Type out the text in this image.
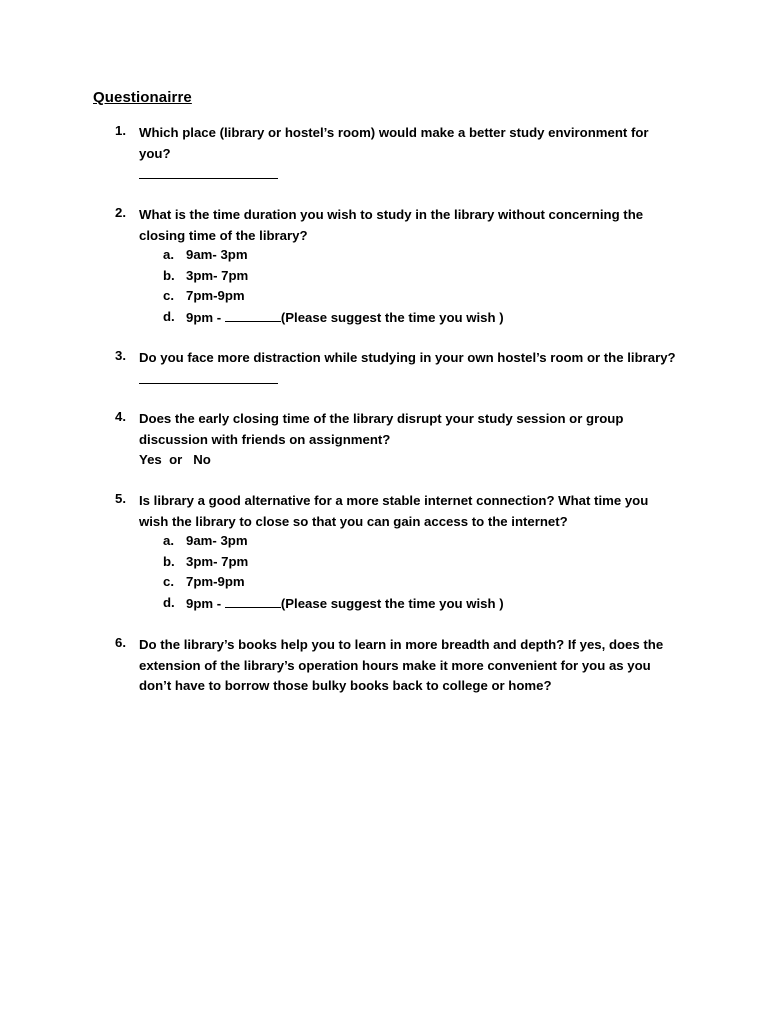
Questionairre
1. Which place (library or hostel’s room) would make a better study environment for
you?
2. What is the time duration you wish to study in the library without concerning the
closing time of the library?
a. 9am- 3pm
b. 3pm- 7pm
c. 7pm-9pm
d. 9pm -	(Please suggest the time you wish )
3. Do you face more distraction while studying in your own hostel’s room or the library?
4. Does the early closing time of the library disrupt your study session or group
discussion with friends on assignment?
Yes  or   No
5. Is library a good alternative for a more stable internet connection? What time you
wish the library to close so that you can gain access to the internet?
a. 9am- 3pm
b. 3pm- 7pm
c. 7pm-9pm
d. 9pm -	(Please suggest the time you wish )
6. Do the library’s books help you to learn in more breadth and depth? If yes, does the
extension of the library’s operation hours make it more convenient for you as you
don’t have to borrow those bulky books back to college or home?
